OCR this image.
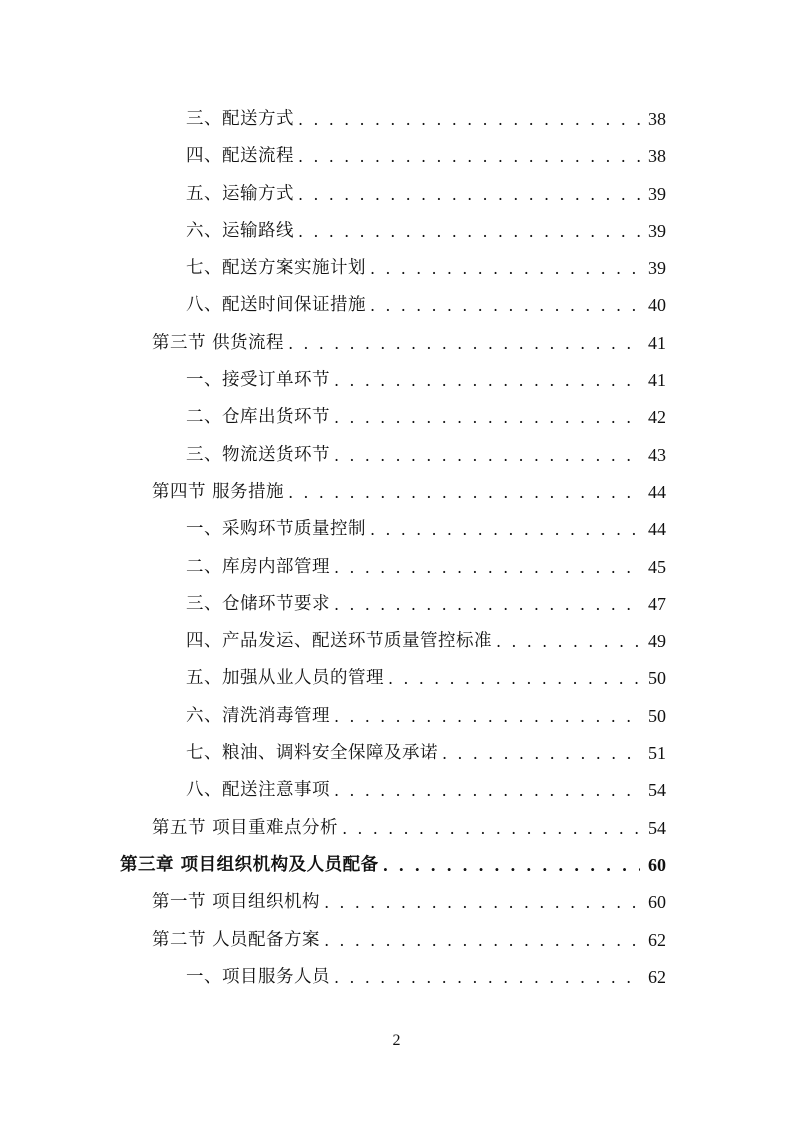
三、配送方式 . . .	38
四、配送流程 . . .	38
五、运输方式 . . .	39
六、运输路线 . . .	39
七、配送方案实施计划 . . .	39
八、配送时间保证措施 . . .	40
第三节 供货流程 . . .	41
一、接受订单环节 . . .	41
二、仓库出货环节 . . .	42
三、物流送货环节 . . .	43
第四节 服务措施 . . .	44
一、采购环节质量控制 . . .	44
二、库房内部管理 . . .	45
三、仓储环节要求 . . .	47
四、产品发运、配送环节质量管控标准 . . .	49
五、加强从业人员的管理 . . .	50
六、清洗消毒管理 . . .	50
七、粮油、调料安全保障及承诺 . . .	51
八、配送注意事项 . . .	54
第五节 项目重难点分析 . . .	54
第三章 项目组织机构及人员配备 . . .	60
第一节 项目组织机构 . . .	60
第二节 人员配备方案 . . .	62
一、项目服务人员 . . .	62
2
